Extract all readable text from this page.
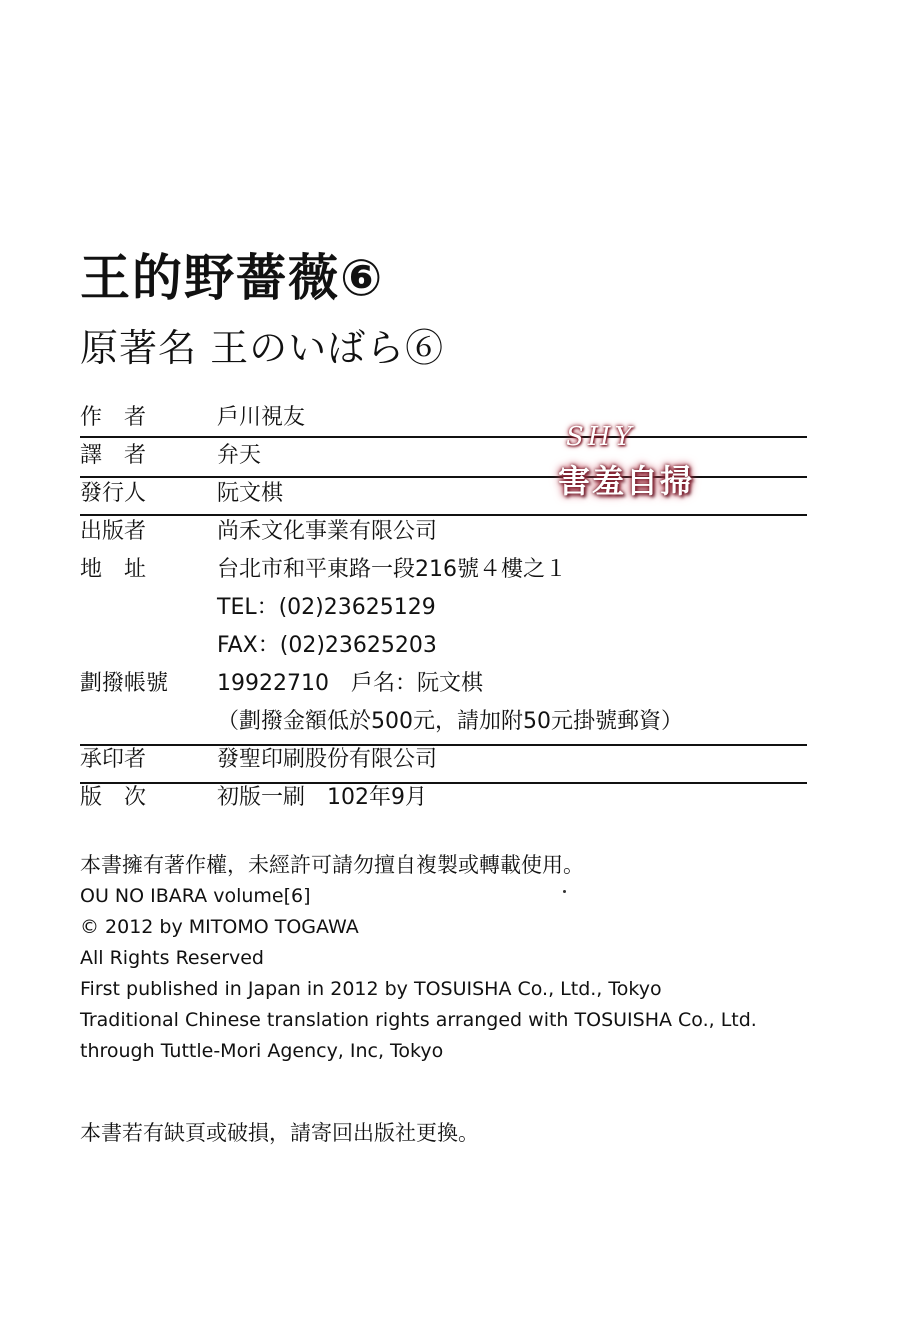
王的野薔薇⑥
原著名 王のいばら⑥
作　者	戶川視友
譯　者	弁天
發行人	阮文棋
出版者	尚禾文化事業有限公司
地　址	台北市和平東路一段216號４樓之１
TEL：(02)23625129
FAX：(02)23625203
劃撥帳號 19922710　戶名：阮文棋
（劃撥金額低於500元，請加附50元掛號郵資）
承印者	發聖印刷股份有限公司
版　次	初版一刷　102年9月
SHY
害羞自掃
本書擁有著作權，未經許可請勿擅自複製或轉載使用。
OU NO IBARA volume[6]
© 2012 by MITOMO TOGAWA
All Rights Reserved
First published in Japan in 2012 by TOSUISHA Co., Ltd., Tokyo
Traditional Chinese translation rights arranged with TOSUISHA Co., Ltd.
through Tuttle-Mori Agency, Inc, Tokyo
本書若有缺頁或破損，請寄回出版社更換。
